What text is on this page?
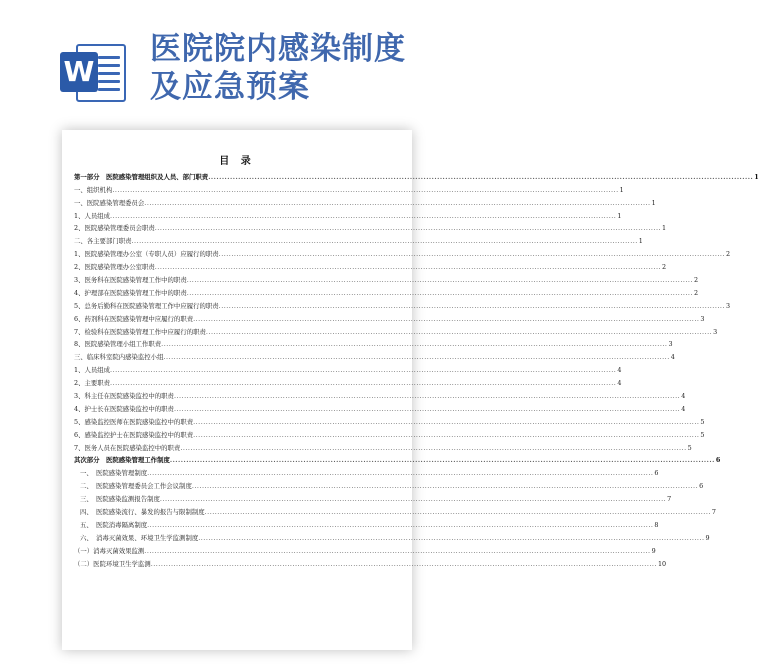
W
医院院内感染制度
及应急预案
目 录
第一部分　医院感染管理组织及人员、部门职责 ........................................................................................................................................................................................................ 1
一、组织机构 ........................................................................................................................................................................................................ 1
一、医院感染管理委员会 ........................................................................................................................................................................................................ 1
1、人员组成 ........................................................................................................................................................................................................ 1
2、医院感染管理委员会职责 ........................................................................................................................................................................................................ 1
二、各主要部门职责 ........................................................................................................................................................................................................ 1
1、医院感染管理办公室（专职人员）应履行的职责 ........................................................................................................................................................................................................ 2
2、医院感染管理办公室职责 ........................................................................................................................................................................................................ 2
3、医务科在医院感染管理工作中的职责 ........................................................................................................................................................................................................ 2
4、护理部在医院感染管理工作中的职责 ........................................................................................................................................................................................................ 2
5、总务后勤科在医院感染管理工作中应履行的职责 ........................................................................................................................................................................................................ 3
6、药剂科在医院感染管理中应履行的职责 ........................................................................................................................................................................................................ 3
7、检验科在医院感染管理工作中应履行的职责 ........................................................................................................................................................................................................ 3
8、医院感染管理小组工作职责 ........................................................................................................................................................................................................ 3
三、临床科室院内感染监控小组 ........................................................................................................................................................................................................ 4
1、人员组成 ........................................................................................................................................................................................................ 4
2、主要职责 ........................................................................................................................................................................................................ 4
3、科主任在医院感染监控中的职责 ........................................................................................................................................................................................................ 4
4、护士长在医院感染监控中的职责 ........................................................................................................................................................................................................ 4
5、感染监控医师在医院感染监控中的职责 ........................................................................................................................................................................................................ 5
6、感染监控护士在医院感染监控中的职责 ........................................................................................................................................................................................................ 5
7、医务人员在医院感染监控中的职责 ........................................................................................................................................................................................................ 5
其次部分　医院感染管理工作制度 ........................................................................................................................................................................................................ 6
一、　医院感染管理制度 ........................................................................................................................................................................................................ 6
二、　医院感染管理委员会工作会议制度 ........................................................................................................................................................................................................ 6
三、　医院感染监测报告制度 ........................................................................................................................................................................................................ 7
四、　医院感染流行、暴发的报告与限制制度 ........................................................................................................................................................................................................ 7
五、　医院消毒隔离制度 ........................................................................................................................................................................................................ 8
六、　消毒灭菌效果、环境卫生学监测制度 ........................................................................................................................................................................................................ 9
（一）消毒灭菌效果监测 ........................................................................................................................................................................................................ 9
（二）医院环境卫生学监测 ........................................................................................................................................................................................................ 10
